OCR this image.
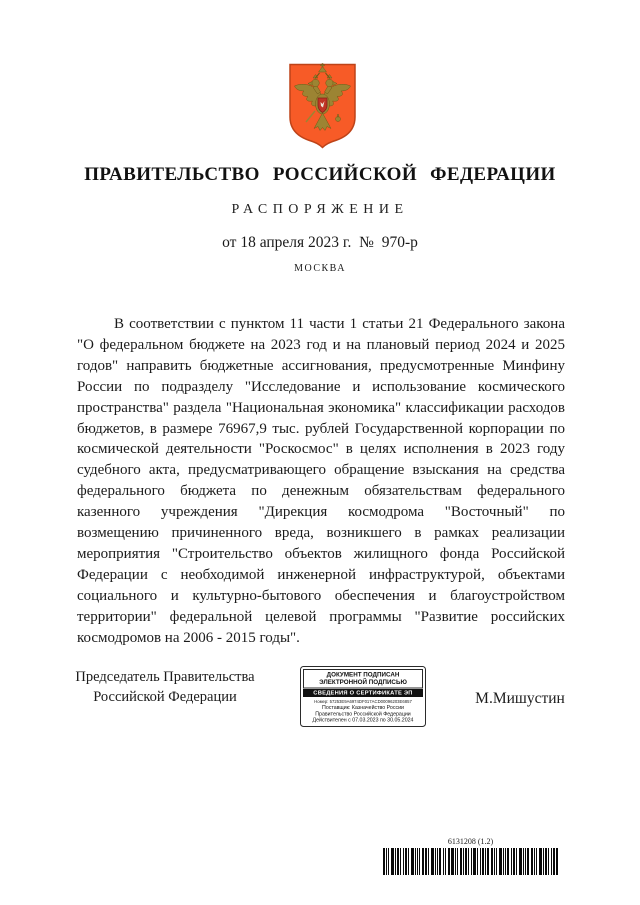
ПРАВИТЕЛЬСТВО РОССИЙСКОЙ ФЕДЕРАЦИИ
РАСПОРЯЖЕНИЕ
от 18 апреля 2023 г.  №  970-р
МОСКВА

В соответствии с пунктом 11 части 1 статьи 21 Федерального закона "О федеральном бюджете на 2023 год и на плановый период 2024 и 2025 годов" направить бюджетные ассигнования, предусмотренные Минфину России по подразделу "Исследование и использование космического пространства" раздела "Национальная экономика" классификации расходов бюджетов, в размере 76967,9 тыс. рублей Государственной корпорации по космической деятельности "Роскосмос" в целях исполнения в 2023 году судебного акта, предусматривающего обращение взыскания на средства федерального бюджета по денежным обязательствам федерального казенного учреждения "Дирекция космодрома "Восточный" по возмещению причиненного вреда, возникшего в рамках реализации мероприятия "Строительство объектов жилищного фонда Российской Федерации с необходимой инженерной инфраструктурой, объектами социального и культурно-бытового обеспечения и благоустройством территории" федеральной целевой программы "Развитие российских космодромов на 2006 - 2015 годы".

Председатель Правительства
Российской Федерации
ДОКУМЕНТ ПОДПИСАН
ЭЛЕКТРОННОЙ ПОДПИСЬЮ
СВЕДЕНИЯ О СЕРТИФИКАТЕ ЭП
Номер: 57253E9A6974DF017ACD00096203E6857
Поставщик: Казначейство России
Правительство Российской Федерации
Действителен с 07.03.2023 по 30.05.2024
М.Мишустин
6131208 (1.2)
